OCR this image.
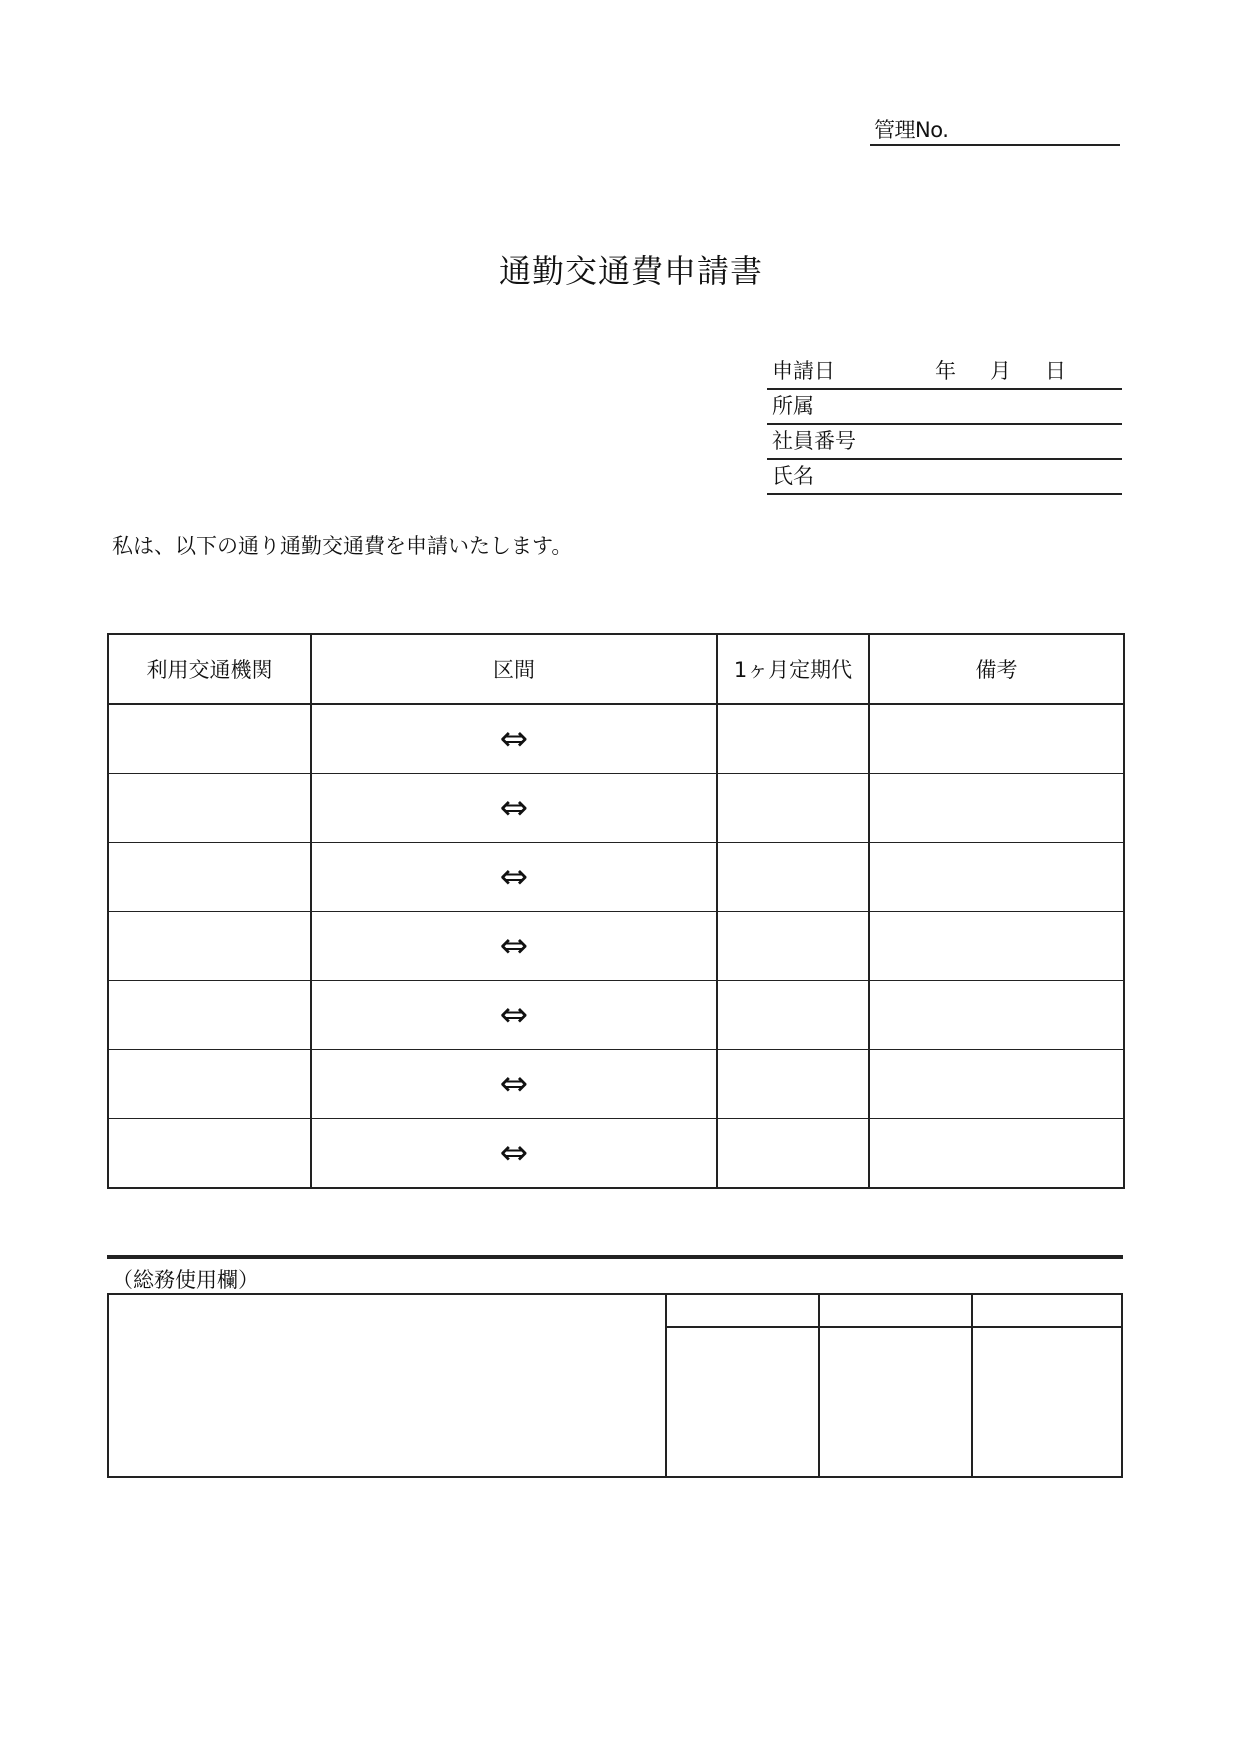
管理No.
通勤交通費申請書
申請日	年 月 日
所属
社員番号
氏名
私は、以下の通り通勤交通費を申請いたします。
利用交通機関	区間	1ヶ月定期代	備考
	⇔		
	⇔		
	⇔		
	⇔		
	⇔		
	⇔		
	⇔		
（総務使用欄）
